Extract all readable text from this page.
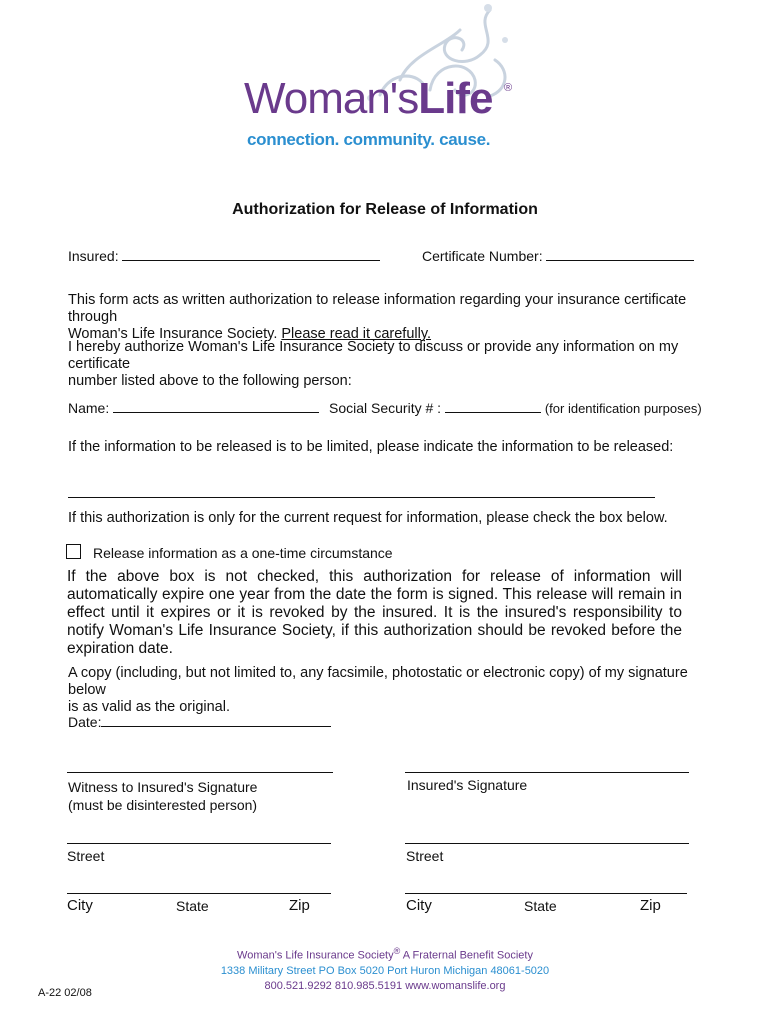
Woman'sLife ®
connection. community. cause.
Authorization for Release of Information
Insured:	Certificate Number:
This form acts as written authorization to release information regarding your insurance certificate through
Woman's Life Insurance Society. Please read it carefully.
I hereby authorize Woman's Life Insurance Society to discuss or provide any information on my certificate
number listed above to the following person:
Name:	Social Security # :	(for identification purposes)
If the information to be released is to be limited, please indicate the information to be released:
If this authorization is only for the current request for information, please check the box below.
Release information as a one-time circumstance
If the above box is not checked, this authorization for release of information will automatically expire one year from the date the form is signed. This release will remain in effect until it expires or it is revoked by the insured. It is the insured's responsibility to notify Woman's Life Insurance Society, if this authorization should be revoked before the expiration date.
A copy (including, but not limited to, any facsimile, photostatic or electronic copy) of my signature below
is as valid as the original.
Date:
Witness to Insured's Signature
(must be disinterested person)
Insured's Signature
Street	Street
City	State	Zip	City	State	Zip
Woman's Life Insurance Society® A Fraternal Benefit Society
1338 Military Street PO Box 5020 Port Huron Michigan 48061-5020
800.521.9292 810.985.5191 www.womanslife.org
A-22 02/08
